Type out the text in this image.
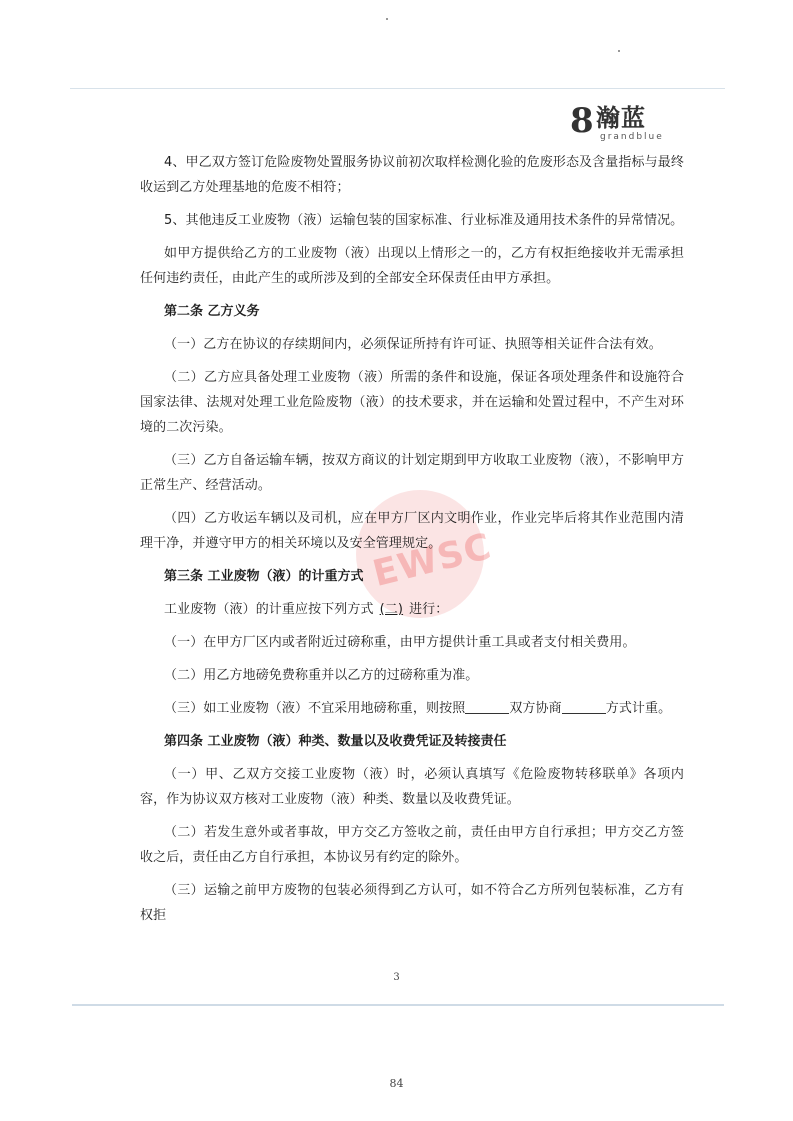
8 瀚蓝
grandblue
EWSC

4、甲乙双方签订危险废物处置服务协议前初次取样检测化验的危废形态及含量指标与最终收运到乙方处理基地的危废不相符；

5、其他违反工业废物（液）运输包装的国家标准、行业标准及通用技术条件的异常情况。

如甲方提供给乙方的工业废物（液）出现以上情形之一的，乙方有权拒绝接收并无需承担任何违约责任，由此产生的或所涉及到的全部安全环保责任由甲方承担。

第二条 乙方义务

（一）乙方在协议的存续期间内，必须保证所持有许可证、执照等相关证件合法有效。

（二）乙方应具备处理工业废物（液）所需的条件和设施，保证各项处理条件和设施符合国家法律、法规对处理工业危险废物（液）的技术要求，并在运输和处置过程中，不产生对环境的二次污染。

（三）乙方自备运输车辆，按双方商议的计划定期到甲方收取工业废物（液），不影响甲方正常生产、经营活动。

（四）乙方收运车辆以及司机，应在甲方厂区内文明作业，作业完毕后将其作业范围内清理干净，并遵守甲方的相关环境以及安全管理规定。

第三条 工业废物（液）的计重方式

工业废物（液）的计重应按下列方式 (二) 进行：

（一）在甲方厂区内或者附近过磅称重，由甲方提供计重工具或者支付相关费用。

（二）用乙方地磅免费称重并以乙方的过磅称重为准。

（三）如工业废物（液）不宜采用地磅称重，则按照	双方协商	方式计重。

第四条 工业废物（液）种类、数量以及收费凭证及转接责任

（一）甲、乙双方交接工业废物（液）时，必须认真填写《危险废物转移联单》各项内容，作为协议双方核对工业废物（液）种类、数量以及收费凭证。

（二）若发生意外或者事故，甲方交乙方签收之前，责任由甲方自行承担；甲方交乙方签收之后，责任由乙方自行承担，本协议另有约定的除外。

（三）运输之前甲方废物的包装必须得到乙方认可，如不符合乙方所列包装标准，乙方有权拒

3
84
